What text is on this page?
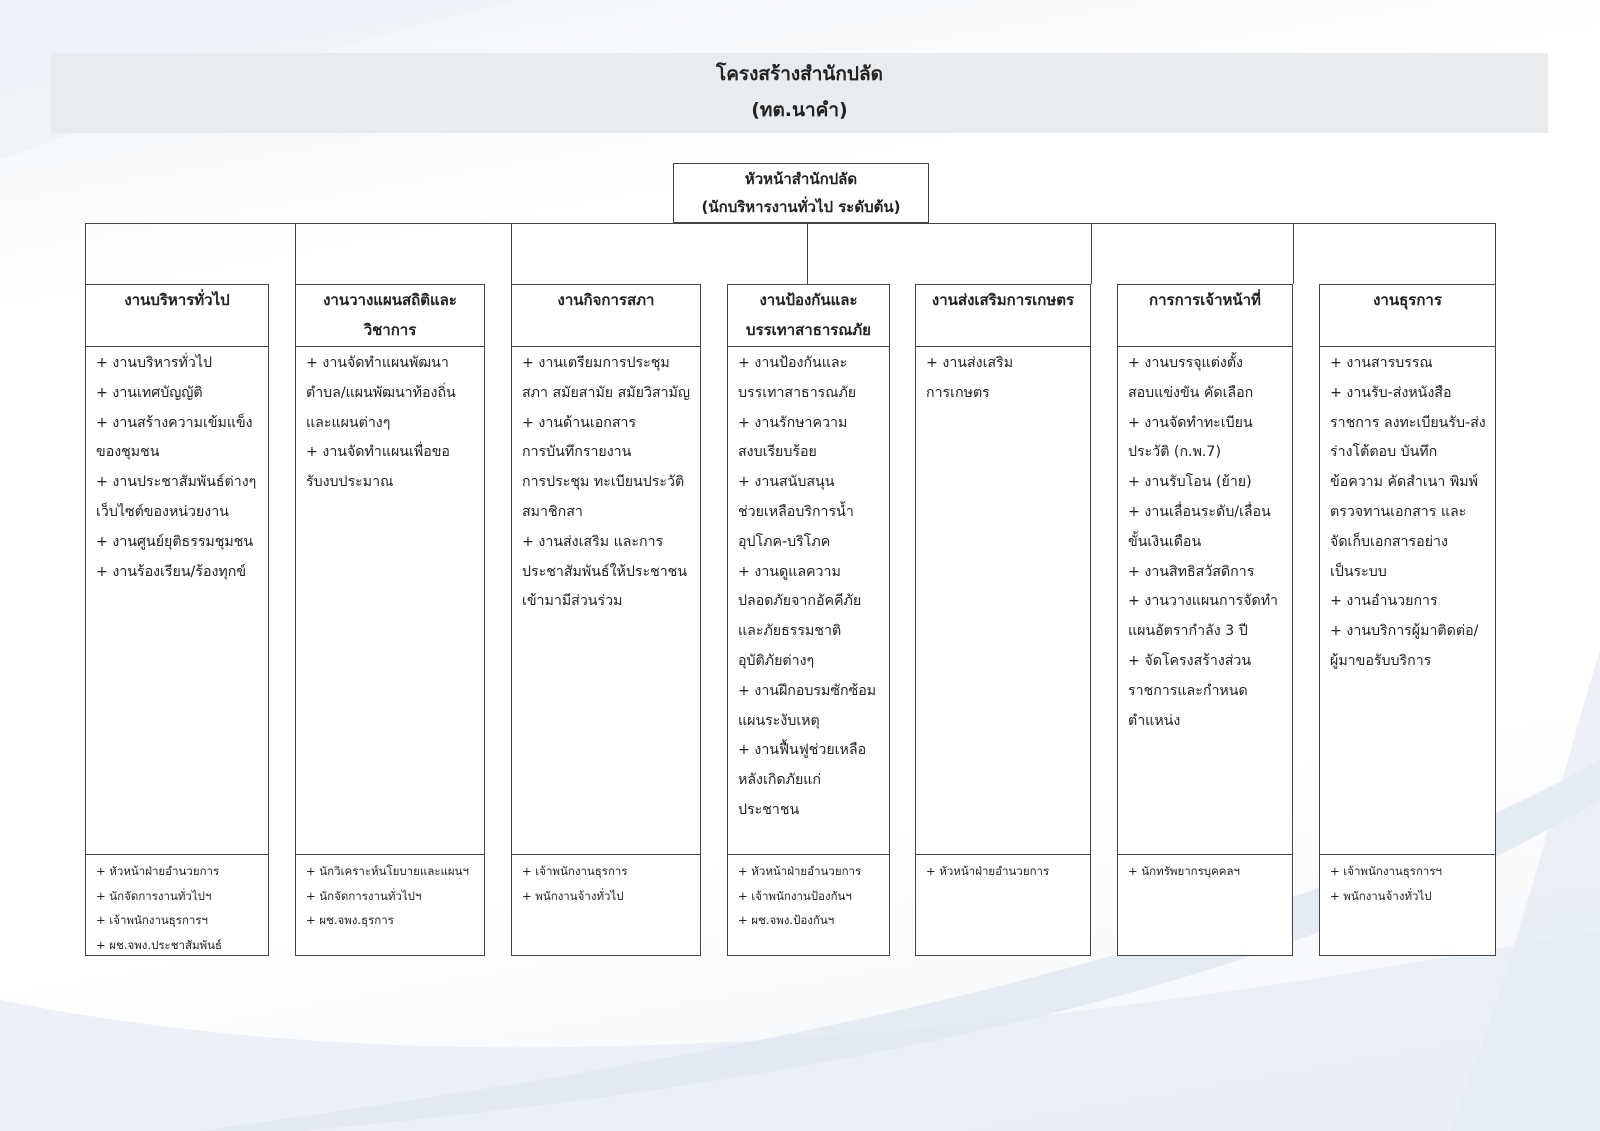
โครงสร้างสำนักปลัด
(ทต.นาคำ)
หัวหน้าสำนักปลัด
(นักบริหารงานทั่วไป ระดับต้น)
งานบริหารทั่วไป
+ งานบริหารทั่วไป
+ งานเทศบัญญัติ
+ งานสร้างความเข้มแข็ง
ของชุมชน
+ งานประชาสัมพันธ์ต่างๆ
เว็บไซต์ของหน่วยงาน
+ งานศูนย์ยุติธรรมชุมชน
+ งานร้องเรียน/ร้องทุกข์
+ หัวหน้าฝ่ายอำนวยการ
+ นักจัดการงานทั่วไปฯ
+ เจ้าพนักงานธุรการฯ
+ ผช.จพง.ประชาสัมพันธ์
งานวางแผนสถิติและ
วิชาการ
+ งานจัดทำแผนพัฒนา
ตำบล/แผนพัฒนาท้องถิ่น
และแผนต่างๆ
+ งานจัดทำแผนเพื่อขอ
รับงบประมาณ
+ นักวิเคราะห์นโยบายและแผนฯ
+ นักจัดการงานทั่วไปฯ
+ ผช.จพง.ธุรการ
งานกิจการสภา
+ งานเตรียมการประชุม
สภา สมัยสามัย สมัยวิสามัญ
+ งานด้านเอกสาร
การบันทึกรายงาน
การประชุม ทะเบียนประวัติ
สมาชิกสา
+ งานส่งเสริม และการ
ประชาสัมพันธ์ให้ประชาชน
เข้ามามีส่วนร่วม
+ เจ้าพนักงานธุรการ
+ พนักงานจ้างทั่วไป
งานป้องกันและ
บรรเทาสาธารณภัย
+ งานป้องกันและ
บรรเทาสาธารณภัย
+ งานรักษาความ
สงบเรียบร้อย
+ งานสนับสนุน
ช่วยเหลือบริการน้ำ
อุปโภค-บริโภค
+ งานดูแลความ
ปลอดภัยจากอัคคีภัย
และภัยธรรมชาติ
อุบัติภัยต่างๆ
+ งานฝึกอบรมซักซ้อม
แผนระงับเหตุ
+ งานฟื้นฟูช่วยเหลือ
หลังเกิดภัยแก่
ประชาชน
+ หัวหน้าฝ่ายอำนวยการ
+ เจ้าพนักงานป้องกันฯ
+ ผช.จพง.ป้องกันฯ
งานส่งเสริมการเกษตร
+ งานส่งเสริม
การเกษตร
+ หัวหน้าฝ่ายอำนวยการ
การการเจ้าหน้าที่
+ งานบรรจุแต่งตั้ง
สอบแข่งขัน คัดเลือก
+ งานจัดทำทะเบียน
ประวัติ (ก.พ.7)
+ งานรับโอน (ย้าย)
+ งานเลื่อนระดับ/เลื่อน
ขั้นเงินเดือน
+ งานสิทธิสวัสดิการ
+ งานวางแผนการจัดทำ
แผนอัตรากำลัง 3 ปี
+ จัดโครงสร้างส่วน
ราชการและกำหนด
ตำแหน่ง
+ นักทรัพยากรบุคคลฯ
งานธุรการ
+ งานสารบรรณ
+ งานรับ-ส่งหนังสือ
ราชการ ลงทะเบียนรับ-ส่ง
ร่างโต้ตอบ บันทึก
ข้อความ คัดสำเนา พิมพ์
ตรวจทานเอกสาร และ
จัดเก็บเอกสารอย่าง
เป็นระบบ
+ งานอำนวยการ
+ งานบริการผู้มาติดต่อ/
ผู้มาขอรับบริการ
+ เจ้าพนักงานธุรการฯ
+ พนักงานจ้างทั่วไป
